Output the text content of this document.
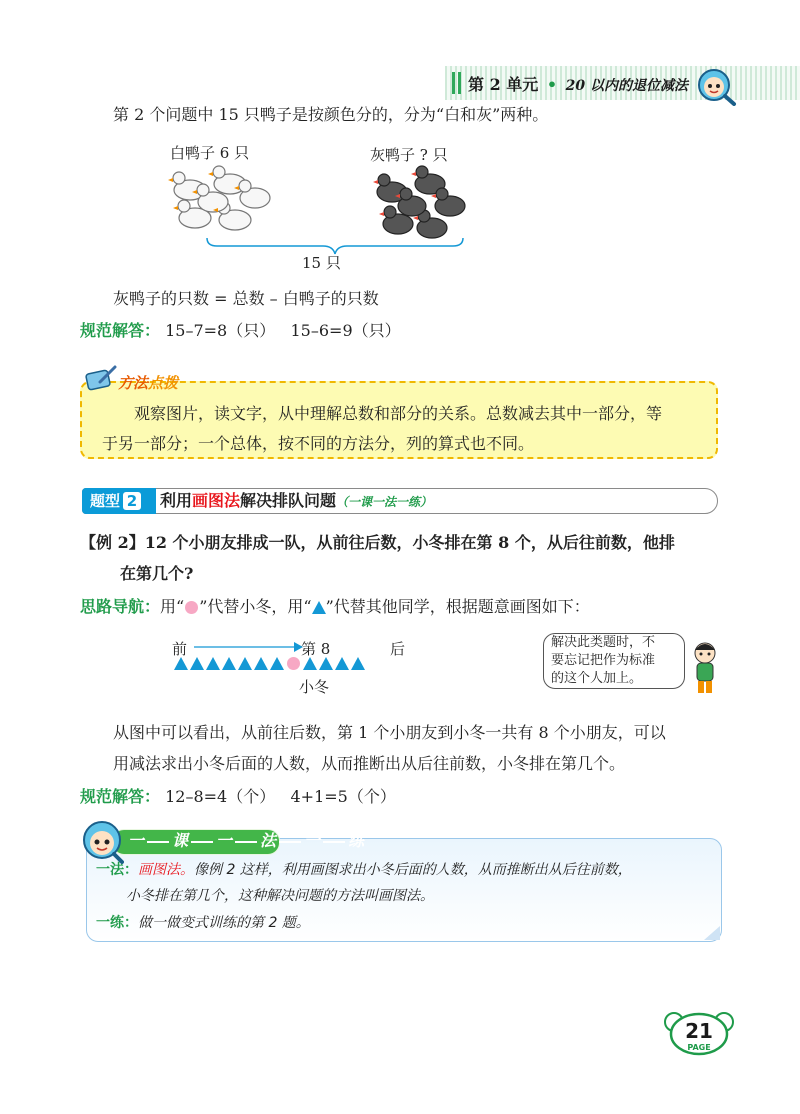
第 2 单元 • 20 以内的退位减法
第 2 个问题中 15 只鸭子是按颜色分的，分为“白和灰”两种。
白鸭子 6 只	灰鸭子 ? 只
15 只
灰鸭子的只数 = 总数 – 白鸭子的只数
规范解答： 15–7=8（只）   15–6=9（只）
方法点拨
观察图片，读文字，从中理解总数和部分的关系。总数减去其中一部分，等
于另一部分；一个总体，按不同的方法分，列的算式也不同。
题型 2	利用画图法解决排队问题（一课一法一练）
【例 2】12 个小朋友排成一队，从前往后数，小冬排在第 8 个，从后往前数，他排
在第几个?
思路导航：用“ ”代替小冬，用“ ”代替其他同学，根据题意画图如下：
前	第 8	后
小冬
解决此类题时，不
要忘记把作为标准
的这个人加上。
从图中可以看出，从前往后数，第 1 个小朋友到小冬一共有 8 个小朋友，可以
用减法求出小冬后面的人数，从而推断出从后往前数，小冬排在第几个。
规范解答： 12–8=4（个）   4+1=5（个）
一 课 一 法 一 练
一法：画图法。像例 2 这样，利用画图求出小冬后面的人数，从而推断出从后往前数，
小冬排在第几个，这种解决问题的方法叫画图法。
一练：做一做变式训练的第 2 题。
21
PAGE
